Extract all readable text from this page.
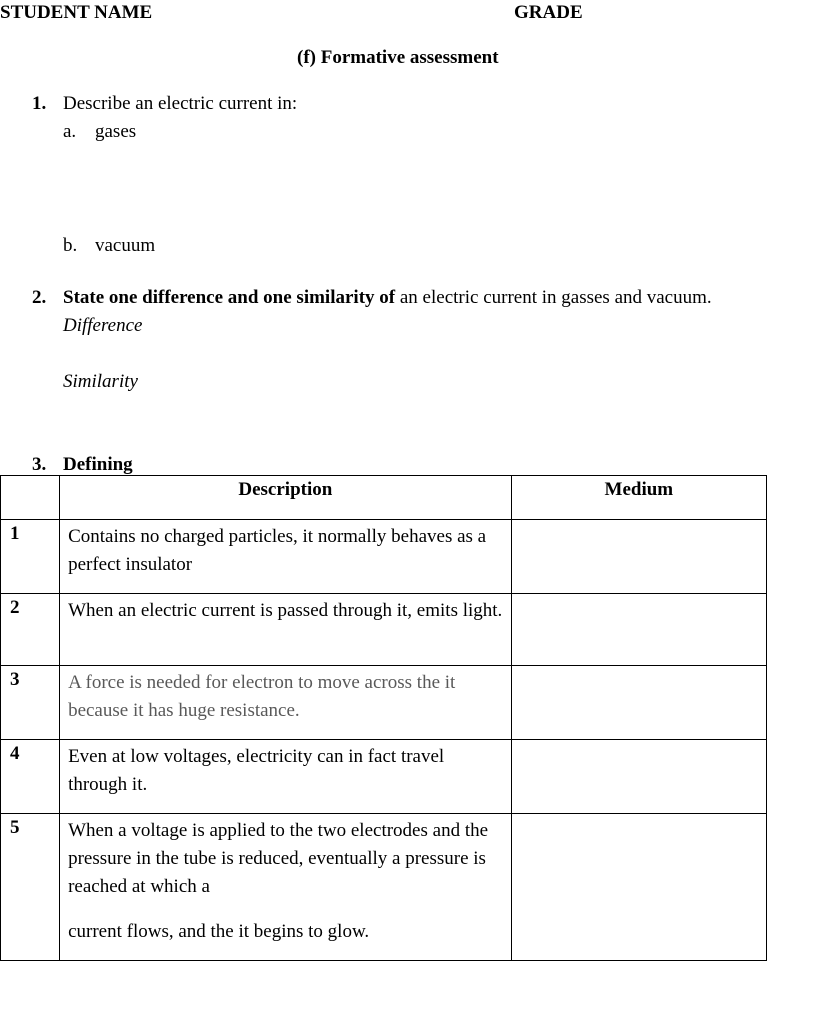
STUDENT NAME	GRADE
(f) Formative assessment
1. Describe an electric current in:
a. gases
b. vacuum
2. State one difference and one similarity of an electric current in gasses and vacuum.
Difference
Similarity
3. Defining
	Description	Medium
1	Contains no charged particles, it normally behaves as a perfect insulator	
2	When an electric current is passed through it, emits light.	
3	A force is needed for electron to move across the it because it has huge resistance.	
4	Even at low voltages, electricity can in fact travel through it.	
5	When a voltage is applied to the two electrodes and the pressure in the tube is reduced, eventually a pressure is reached at which a
current flows, and the it begins to glow.	
